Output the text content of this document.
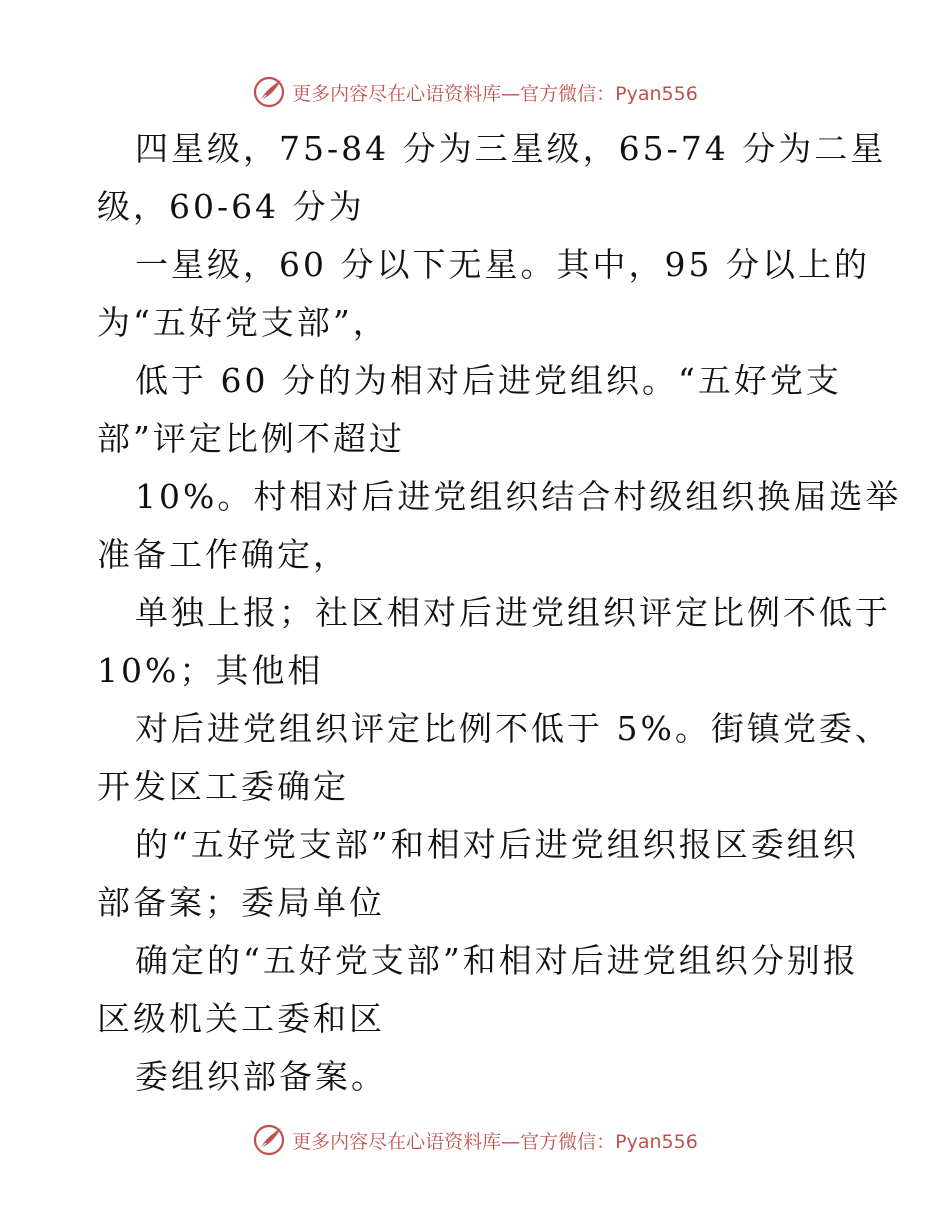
更多内容尽在心语资料库—官方微信：Pyan556
四星级，75-84 分为三星级，65-74 分为二星
级，60-64 分为
一星级，60 分以下无星。其中，95 分以上的
为“五好党支部”，
低于 60 分的为相对后进党组织。“五好党支
部”评定比例不超过
10%。村相对后进党组织结合村级组织换届选举
准备工作确定，
单独上报；社区相对后进党组织评定比例不低于
10%；其他相
对后进党组织评定比例不低于 5%。街镇党委、
开发区工委确定
的“五好党支部”和相对后进党组织报区委组织
部备案；委局单位
确定的“五好党支部”和相对后进党组织分别报
区级机关工委和区
委组织部备案。
更多内容尽在心语资料库—官方微信：Pyan556
